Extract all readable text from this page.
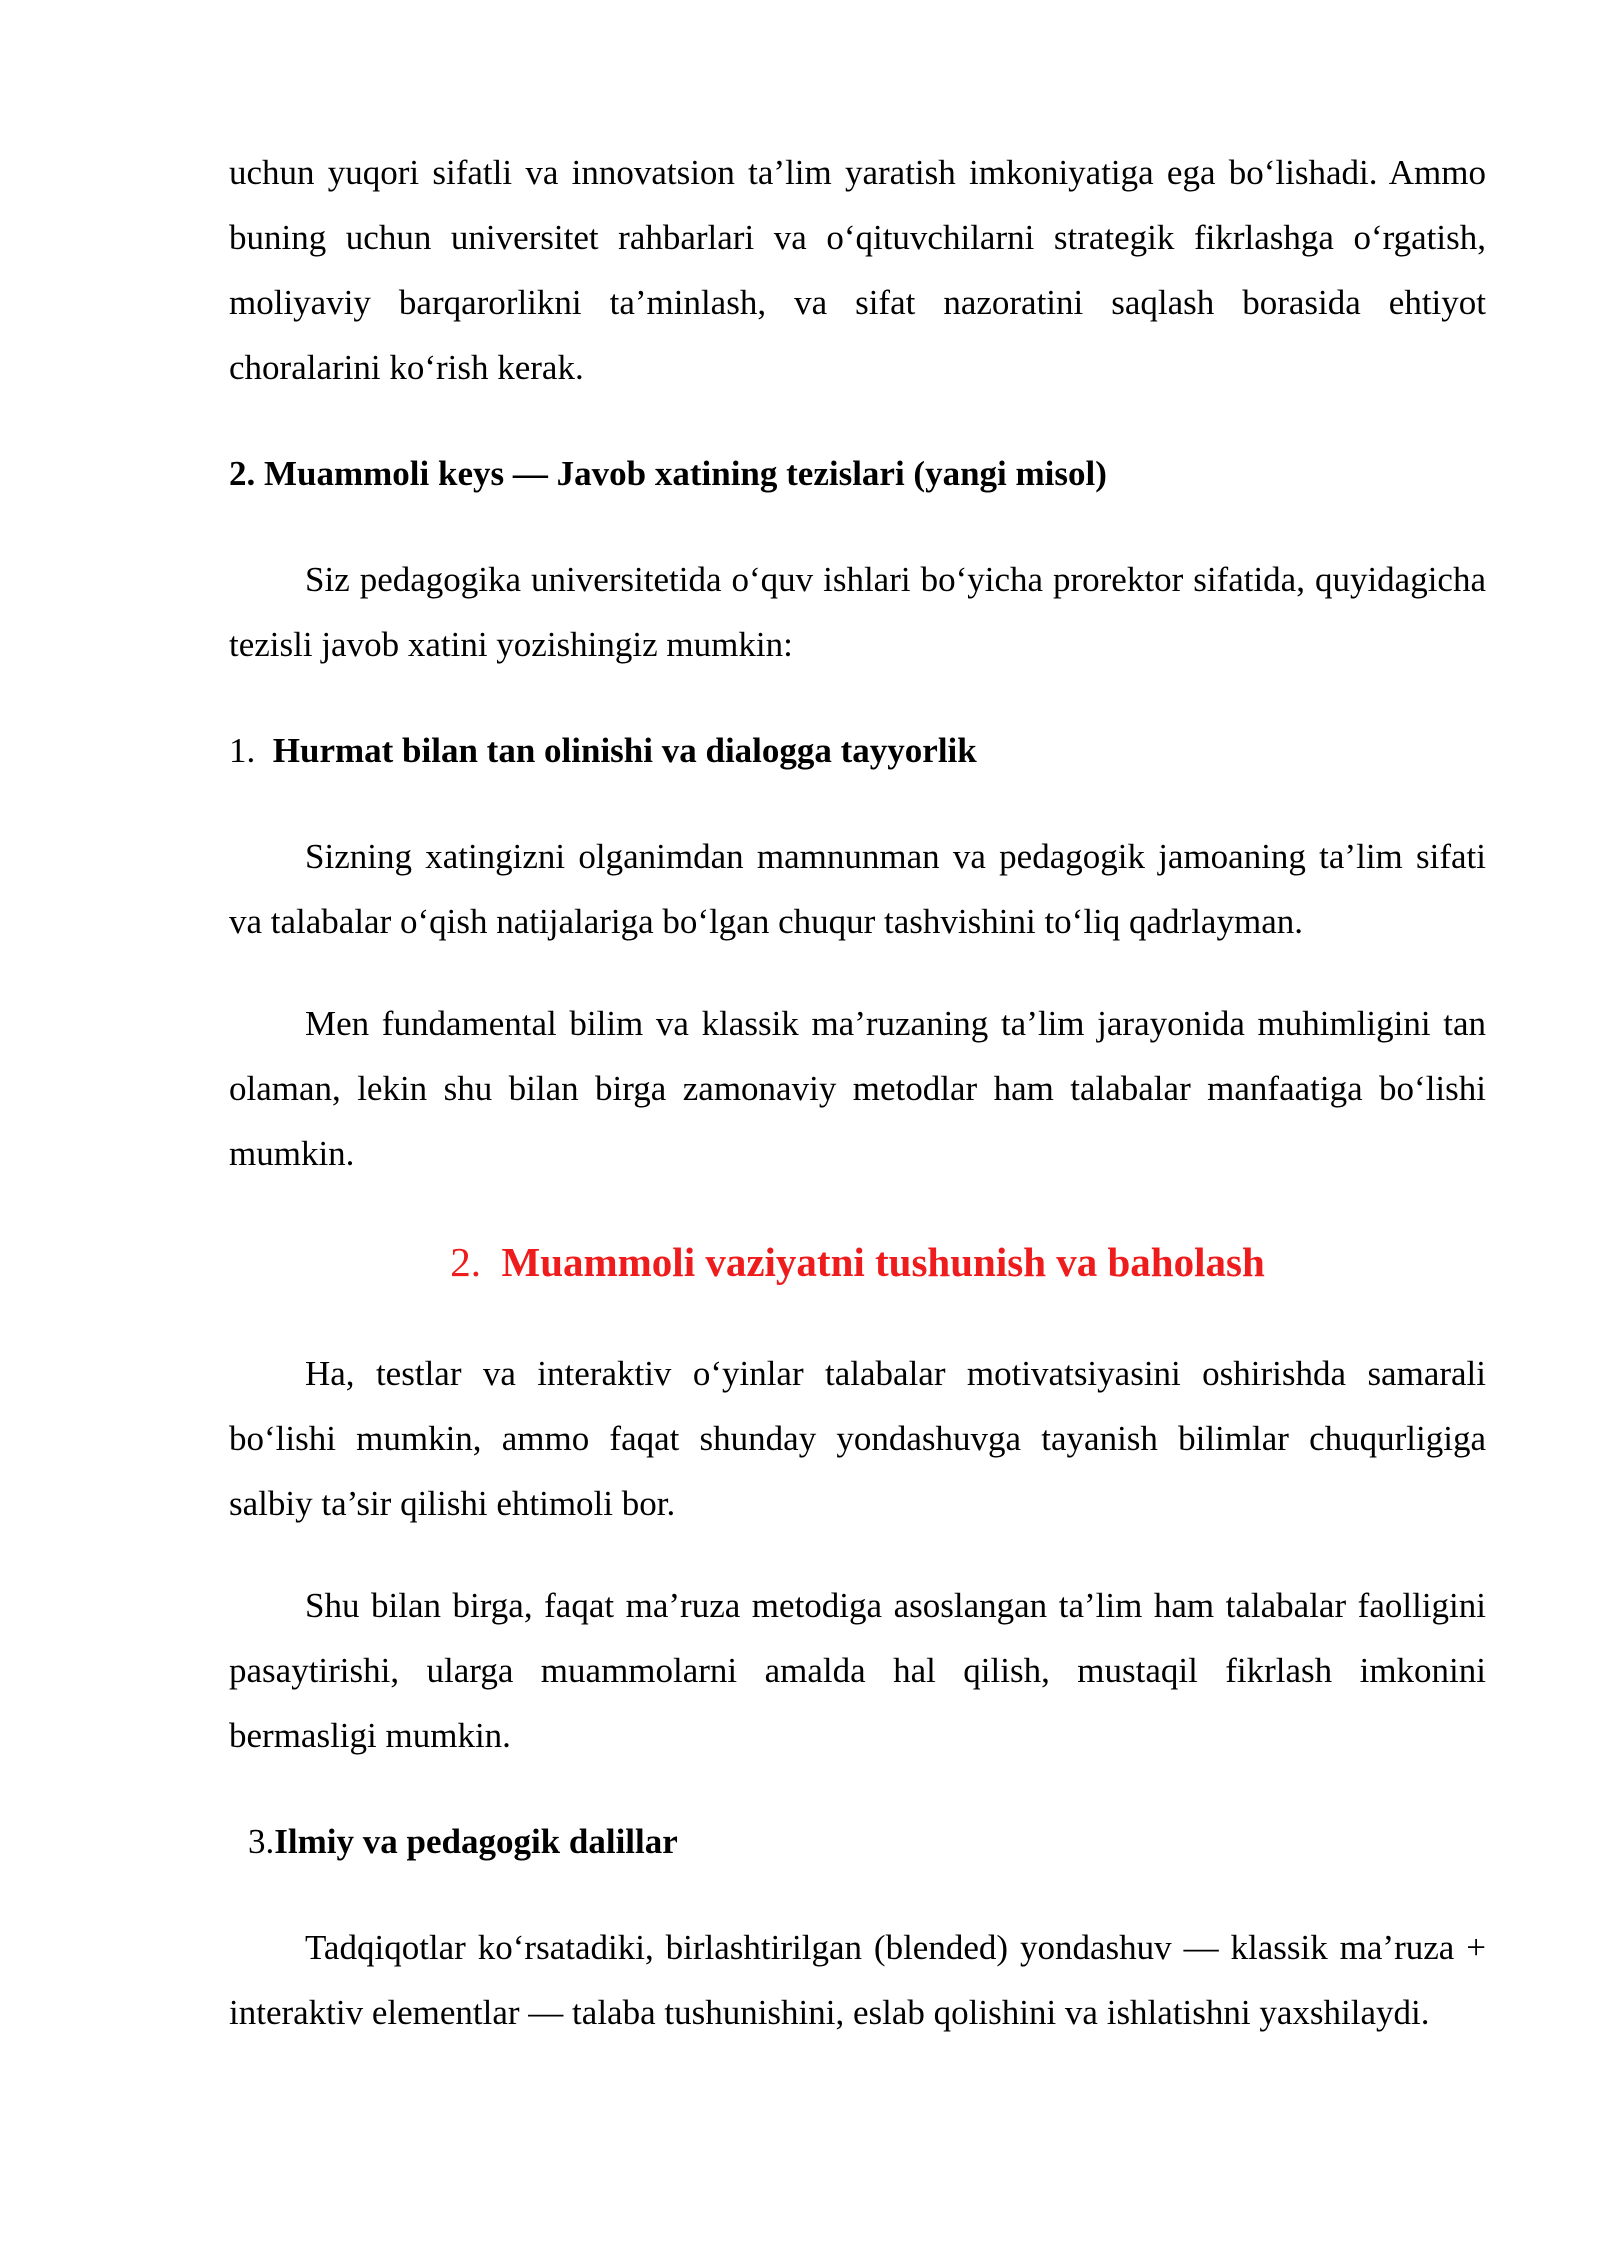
uchun yuqori sifatli va innovatsion ta’lim yaratish imkoniyatiga ega bo‘lishadi. Ammo buning uchun universitet rahbarlari va o‘qituvchilarni strategik fikrlashga o‘rgatish, moliyaviy barqarorlikni ta’minlash, va sifat nazoratini saqlash borasida ehtiyot choralarini ko‘rish kerak.

2. Muammoli keys — Javob xatining tezislari (yangi misol)

Siz pedagogika universitetida o‘quv ishlari bo‘yicha prorektor sifatida, quyidagicha tezisli javob xatini yozishingiz mumkin:

1. Hurmat bilan tan olinishi va dialogga tayyorlik

Sizning xatingizni olganimdan mamnunman va pedagogik jamoaning ta’lim sifati va talabalar o‘qish natijalariga bo‘lgan chuqur tashvishini to‘liq qadrlayman.

Men fundamental bilim va klassik ma’ruzaning ta’lim jarayonida muhimligini tan olaman, lekin shu bilan birga zamonaviy metodlar ham talabalar manfaatiga bo‘lishi mumkin.

2. Muammoli vaziyatni tushunish va baholash

Ha, testlar va interaktiv o‘yinlar talabalar motivatsiyasini oshirishda samarali bo‘lishi mumkin, ammo faqat shunday yondashuvga tayanish bilimlar chuqurligiga salbiy ta’sir qilishi ehtimoli bor.

Shu bilan birga, faqat ma’ruza metodiga asoslangan ta’lim ham talabalar faolligini pasaytirishi, ularga muammolarni amalda hal qilish, mustaqil fikrlash imkonini bermasligi mumkin.

3.Ilmiy va pedagogik dalillar

Tadqiqotlar ko‘rsatadiki, birlashtirilgan (blended) yondashuv — klassik ma’ruza + interaktiv elementlar — talaba tushunishini, eslab qolishini va ishlatishni yaxshilaydi.
